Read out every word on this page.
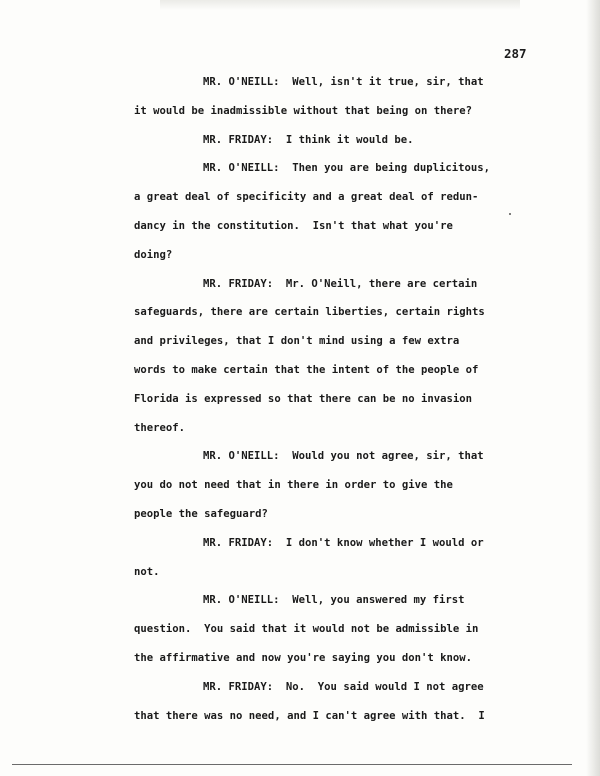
287
MR. O'NEILL:  Well, isn't it true, sir, that
it would be inadmissible without that being on there?
MR. FRIDAY:  I think it would be.
MR. O'NEILL:  Then you are being duplicitous,
a great deal of specificity and a great deal of redun-
dancy in the constitution.  Isn't that what you're
doing?
MR. FRIDAY:  Mr. O'Neill, there are certain
safeguards, there are certain liberties, certain rights
and privileges, that I don't mind using a few extra
words to make certain that the intent of the people of
Florida is expressed so that there can be no invasion
thereof.
MR. O'NEILL:  Would you not agree, sir, that
you do not need that in there in order to give the
people the safeguard?
MR. FRIDAY:  I don't know whether I would or
not.
MR. O'NEILL:  Well, you answered my first
question.  You said that it would not be admissible in
the affirmative and now you're saying you don't know.
MR. FRIDAY:  No.  You said would I not agree
that there was no need, and I can't agree with that.  I
